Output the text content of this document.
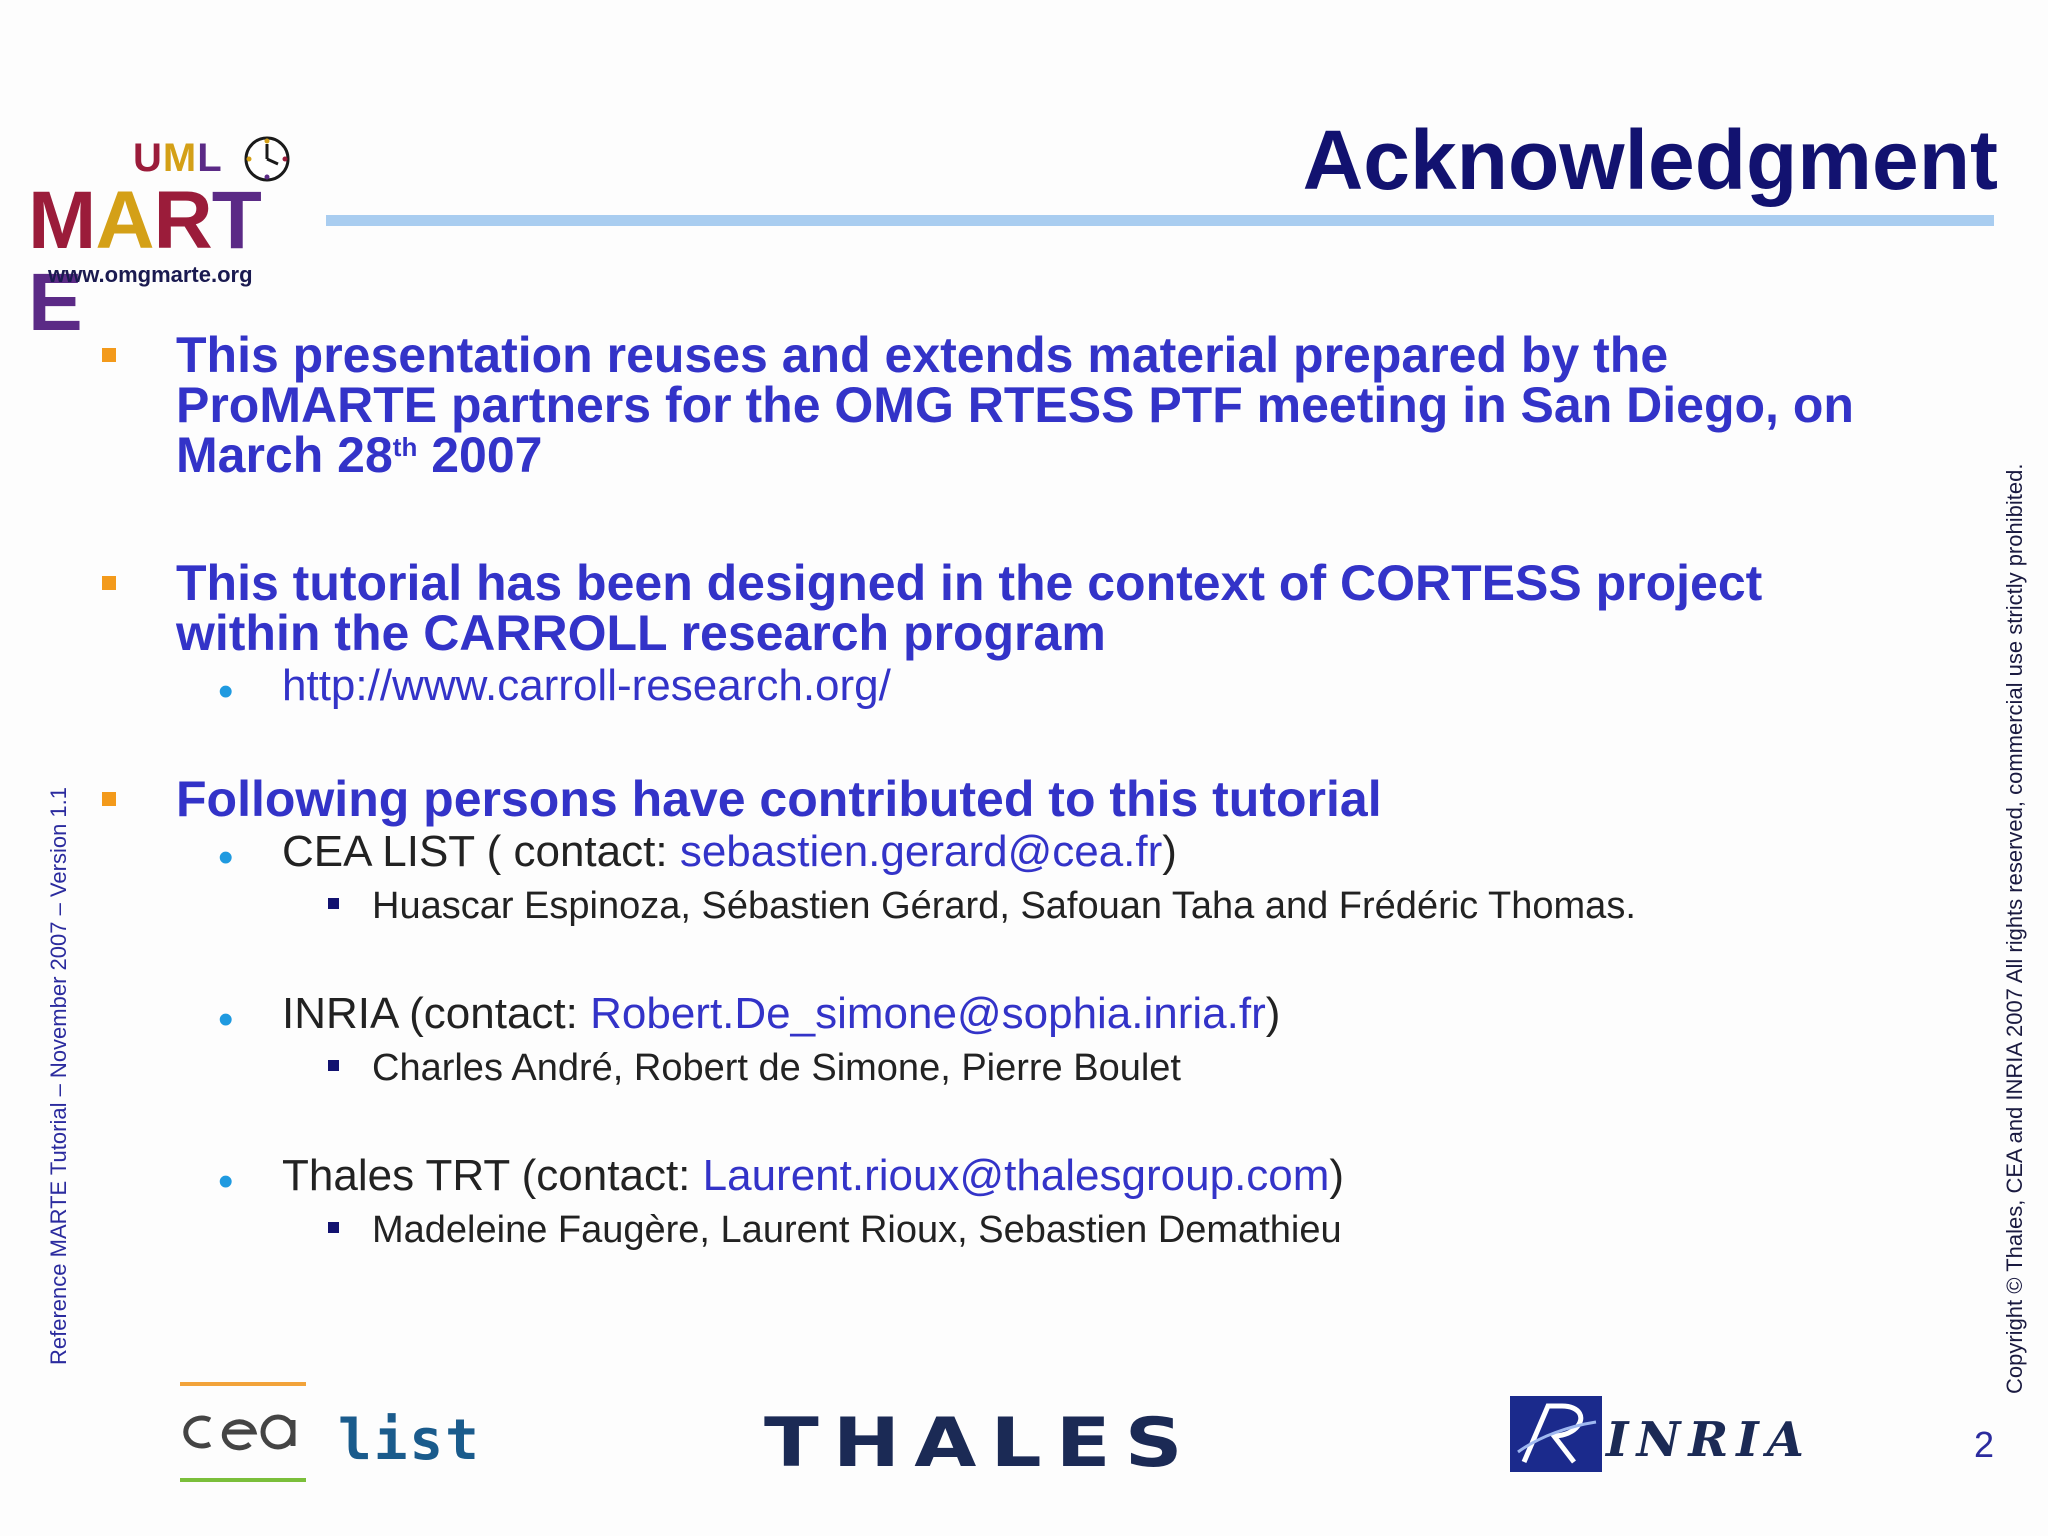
UML
MARTE
www.omgmarte.org
Acknowledgment
Reference MARTE Tutorial – November 2007 – Version 1.1	Copyright © Thales, CEA and INRIA 2007 All rights reserved, commercial use strictly prohibited.
This presentation reuses and extends material prepared by the
ProMARTE partners for the OMG RTESS PTF meeting in San Diego, on
March 28th 2007
This tutorial has been designed in the context of CORTESS project
within the CARROLL research program
• http://www.carroll-research.org/
Following persons have contributed to this tutorial
• CEA LIST ( contact: sebastien.gerard@cea.fr)
Huascar Espinoza, Sébastien Gérard, Safouan Taha and Frédéric Thomas.
• INRIA (contact: Robert.De_simone@sophia.inria.fr)
Charles André, Robert de Simone, Pierre Boulet
• Thales TRT (contact: Laurent.rioux@thalesgroup.com)
Madeleine Faugère, Laurent Rioux, Sebastien Demathieu
list	THALES	INRIA	2
